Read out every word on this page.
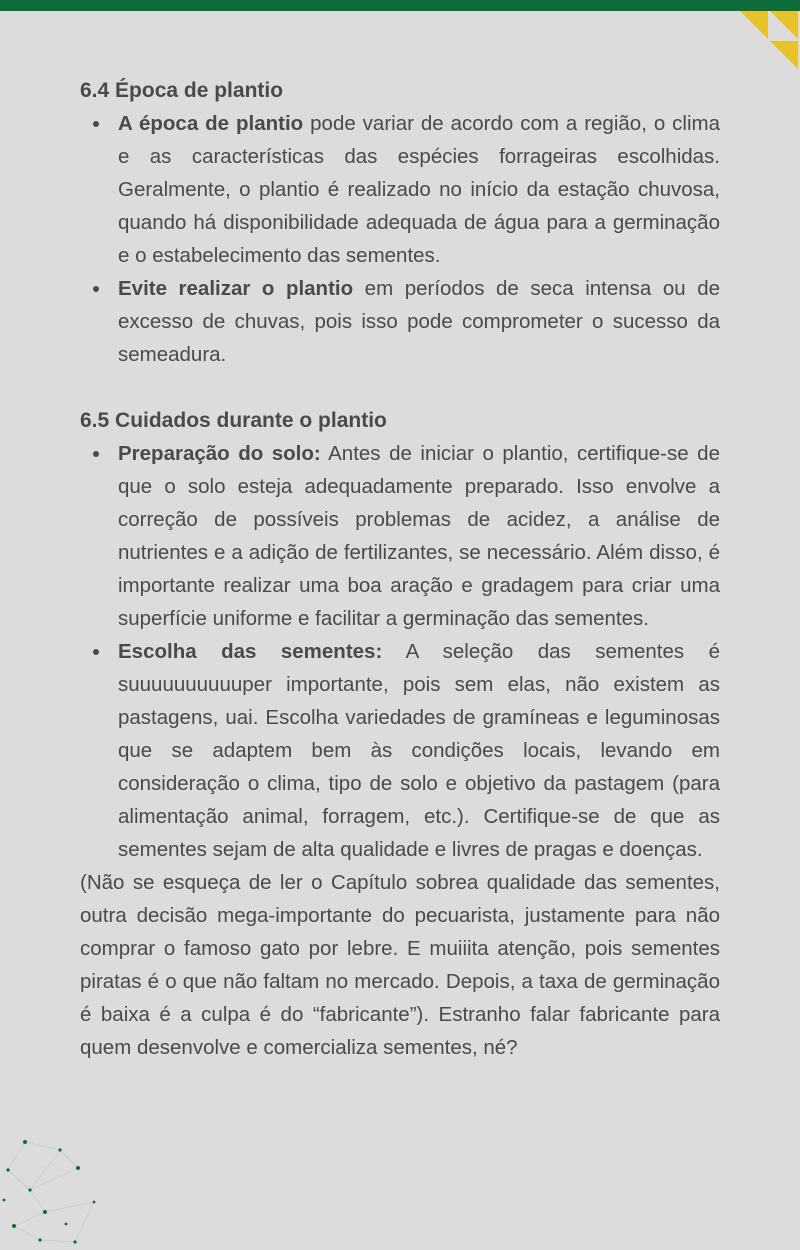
6.4 Época de plantio
A época de plantio pode variar de acordo com a região, o clima e as características das espécies forrageiras escolhidas. Geralmente, o plantio é realizado no início da estação chuvosa, quando há disponibilidade adequada de água para a germinação e o estabelecimento das sementes.
Evite realizar o plantio em períodos de seca intensa ou de excesso de chuvas, pois isso pode comprometer o sucesso da semeadura.
6.5 Cuidados durante o plantio
Preparação do solo: Antes de iniciar o plantio, certifique-se de que o solo esteja adequadamente preparado. Isso envolve a correção de possíveis problemas de acidez, a análise de nutrientes e a adição de fertilizantes, se necessário. Além disso, é importante realizar uma boa aração e gradagem para criar uma superfície uniforme e facilitar a germinação das sementes.
Escolha das sementes: A seleção das sementes é suuuuuuuuuuper importante, pois sem elas, não existem as pastagens, uai. Escolha variedades de gramíneas e leguminosas que se adaptem bem às condições locais, levando em consideração o clima, tipo de solo e objetivo da pastagem (para alimentação animal, forragem, etc.). Certifique-se de que as sementes sejam de alta qualidade e livres de pragas e doenças.

(Não se esqueça de ler o Capítulo sobrea qualidade das sementes, outra decisão mega-importante do pecuarista, justamente para não comprar o famoso gato por lebre. E muiiita atenção, pois sementes piratas é o que não faltam no mercado. Depois, a taxa de germinação é baixa é a culpa é do “fabricante”). Estranho falar fabricante para quem desenvolve e comercializa sementes, né?
